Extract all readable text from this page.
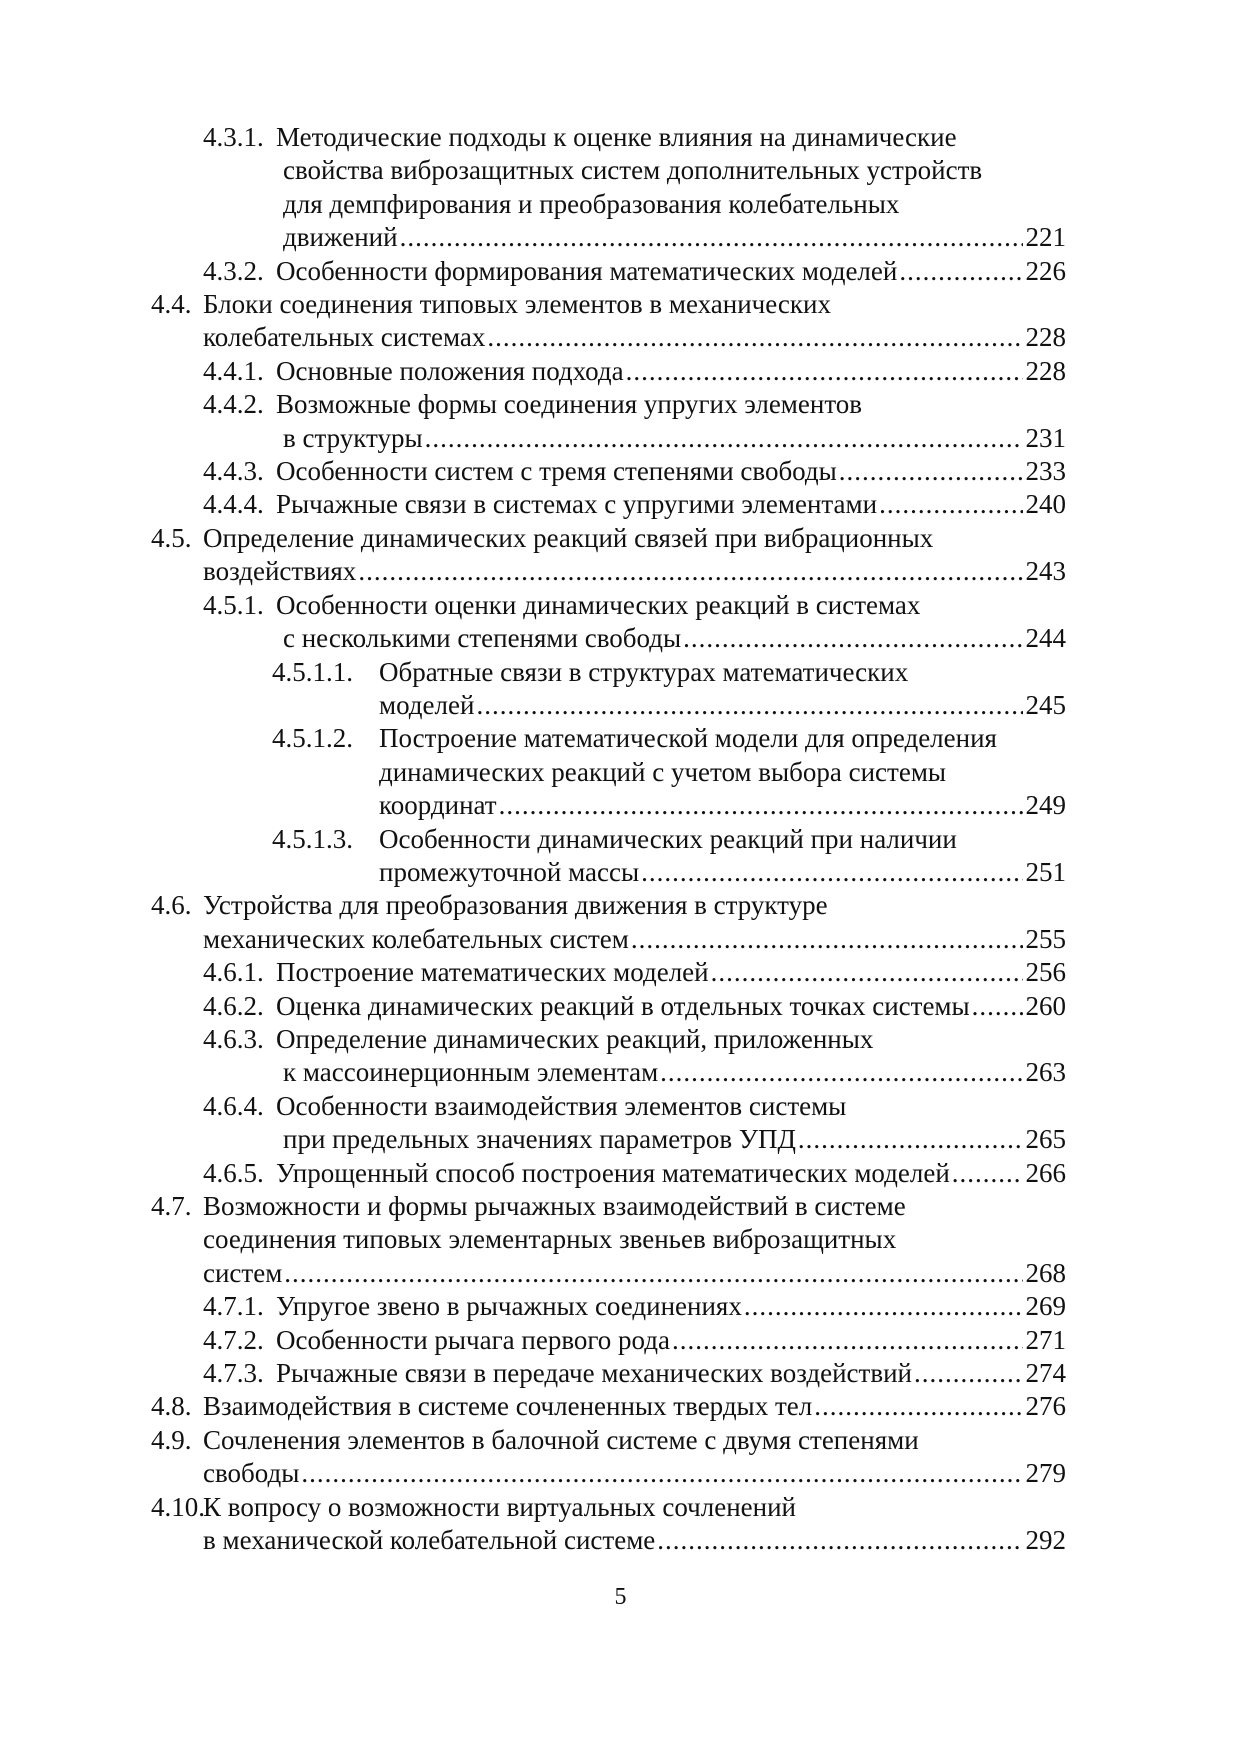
4.3.1. Методические подходы к оценке влияния на динамические
свойства виброзащитных систем дополнительных устройств
для демпфирования и преобразования колебательных
движений .....	221
4.3.2. Особенности формирования математических моделей .....	226
4.4. Блоки соединения типовых элементов в механических
колебательных системах .....	228
4.4.1. Основные положения подхода .....	228
4.4.2. Возможные формы соединения упругих элементов
в структуры .....	231
4.4.3. Особенности систем с тремя степенями свободы .....	233
4.4.4. Рычажные связи в системах с упругими элементами .....	240
4.5. Определение динамических реакций связей при вибрационных
воздействиях .....	243
4.5.1. Особенности оценки динамических реакций в системах
с несколькими степенями свободы .....	244
4.5.1.1. Обратные связи в структурах математических
моделей .....	245
4.5.1.2. Построение математической модели для определения
динамических реакций с учетом выбора системы
координат .....	249
4.5.1.3. Особенности динамических реакций при наличии
промежуточной массы .....	251
4.6. Устройства для преобразования движения в структуре
механических колебательных систем .....	255
4.6.1. Построение математических моделей .....	256
4.6.2. Оценка динамических реакций в отдельных точках системы ..... 260
4.6.3. Определение динамических реакций, приложенных
к массоинерционным элементам .....	263
4.6.4. Особенности взаимодействия элементов системы
при предельных значениях параметров УПД .....	265
4.6.5. Упрощенный способ построения математических моделей .....	266
4.7. Возможности и формы рычажных взаимодействий в системе
соединения типовых элементарных звеньев виброзащитных
систем .....	268
4.7.1. Упругое звено в рычажных соединениях .....	269
4.7.2. Особенности рычага первого рода .....	271
4.7.3. Рычажные связи в передаче механических воздействий .....	274
4.8. Взаимодействия в системе сочлененных твердых тел .....	276
4.9. Сочленения элементов в балочной системе с двумя степенями
свободы .....	279
4.10.
К вопросу о возможности виртуальных сочленений
в механической колебательной системе .....	292
5
